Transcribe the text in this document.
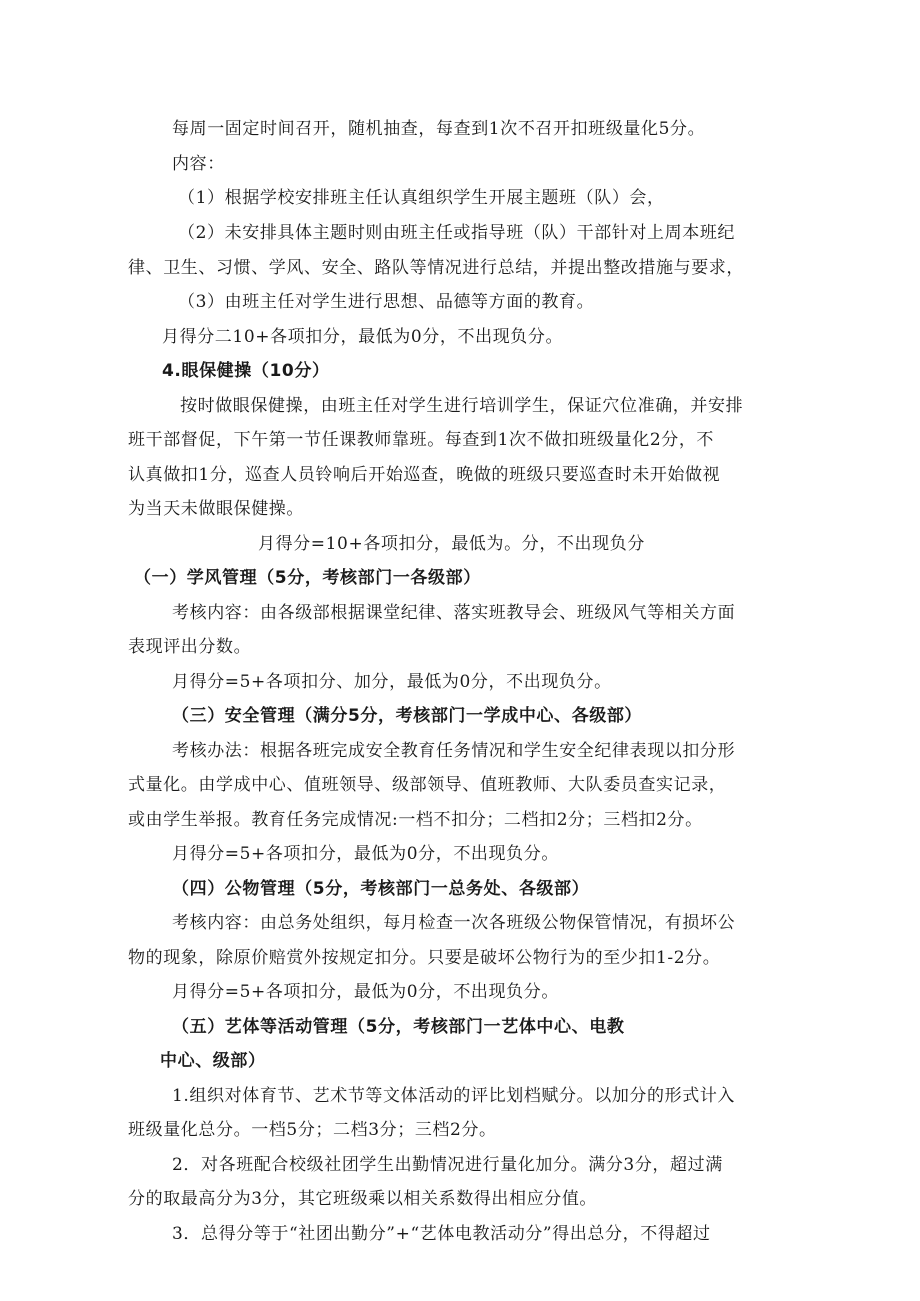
每周一固定时间召开，随机抽查，每查到1次不召开扣班级量化5分。
内容：
（1）根据学校安排班主任认真组织学生开展主题班（队）会，
（2）未安排具体主题时则由班主任或指导班（队）干部针对上周本班纪
律、卫生、习惯、学风、安全、路队等情况进行总结，并提出整改措施与要求，
（3）由班主任对学生进行思想、品德等方面的教育。
月得分二10+各项扣分，最低为0分，不出现负分。
4.眼保健操（10分）
按时做眼保健操，由班主任对学生进行培训学生，保证穴位准确，并安排
班干部督促，下午第一节任课教师靠班。每查到1次不做扣班级量化2分，不
认真做扣1分，巡查人员铃响后开始巡查，晚做的班级只要巡查时未开始做视
为当天未做眼保健操。
月得分=10+各项扣分，最低为。分，不出现负分
（一）学风管理（5分，考核部门一各级部）
考核内容：由各级部根据课堂纪律、落实班教导会、班级风气等相关方面
表现评出分数。
月得分=5+各项扣分、加分，最低为0分，不出现负分。
（三）安全管理（满分5分，考核部门一学成中心、各级部）
考核办法：根据各班完成安全教育任务情况和学生安全纪律表现以扣分形
式量化。由学成中心、值班领导、级部领导、值班教师、大队委员查实记录，
或由学生举报。教育任务完成情况:一档不扣分；二档扣2分；三档扣2分。
月得分=5+各项扣分，最低为0分，不出现负分。
（四）公物管理（5分，考核部门一总务处、各级部）
考核内容：由总务处组织，每月检查一次各班级公物保管情况，有损坏公
物的现象，除原价赔赏外按规定扣分。只要是破坏公物行为的至少扣1-2分。
月得分=5+各项扣分，最低为0分，不出现负分。
（五）艺体等活动管理（5分，考核部门一艺体中心、电教
中心、级部）
1.组织对体育节、艺术节等文体活动的评比划档赋分。以加分的形式计入
班级量化总分。一档5分；二档3分；三档2分。
2．对各班配合校级社团学生出勤情况进行量化加分。满分3分，超过满
分的取最高分为3分，其它班级乘以相关系数得出相应分值。
3．总得分等于“社团出勤分”+“艺体电教活动分”得出总分，不得超过
